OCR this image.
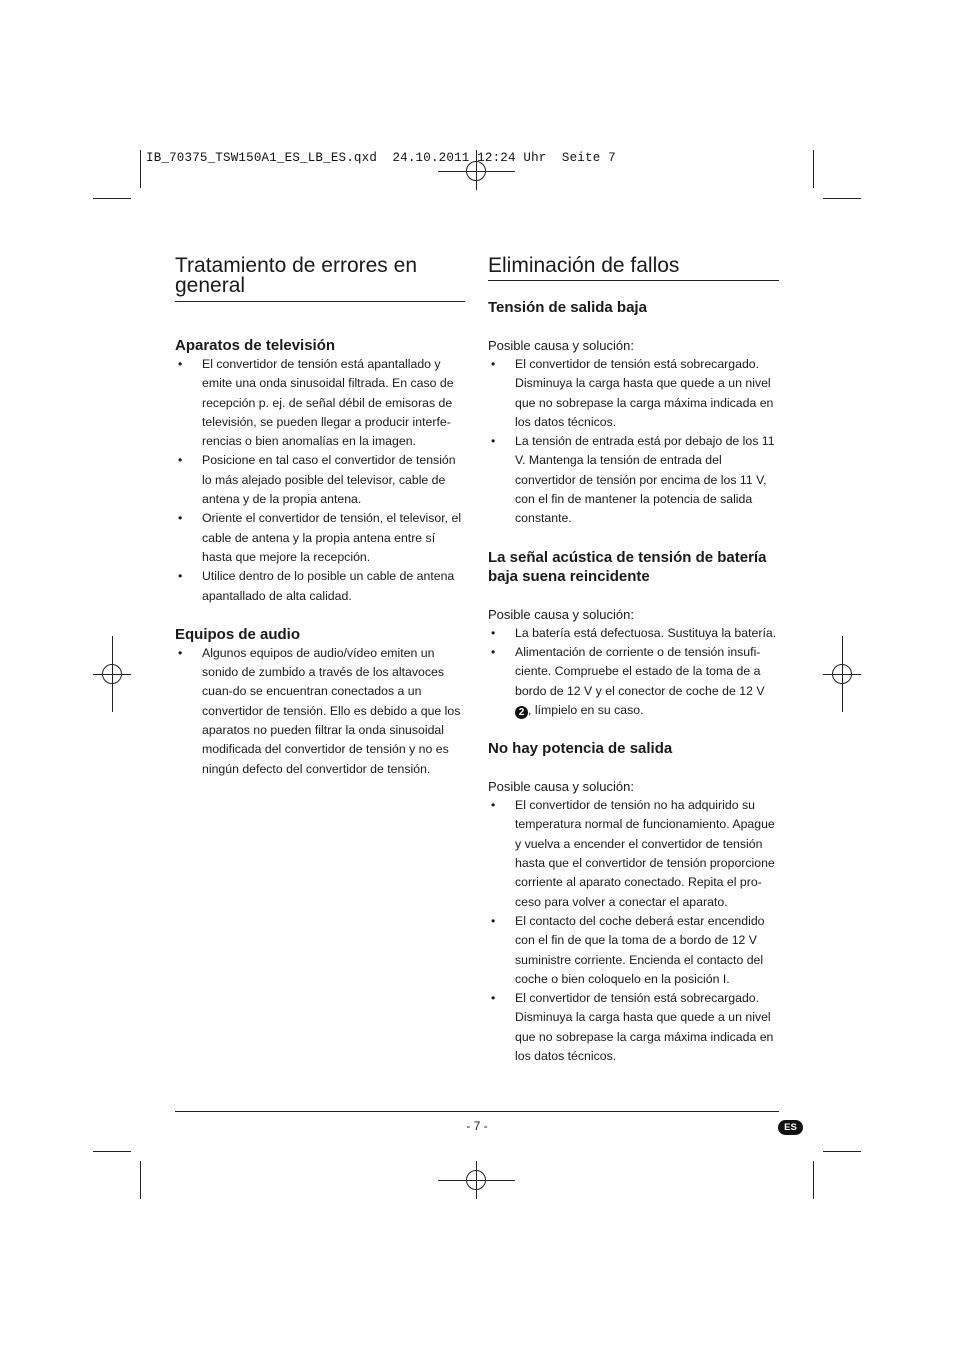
IB_70375_TSW150A1_ES_LB_ES.qxd 24.10.2011 12:24 Uhr Seite 7
Tratamiento de errores en general
Aparatos de televisión
• El convertidor de tensión está apantallado y emite una onda sinusoidal filtrada. En caso de recepción p. ej. de señal débil de emisoras de televisión, se pueden llegar a producir interfe-rencias o bien anomalías en la imagen.
• Posicione en tal caso el convertidor de tensión lo más alejado posible del televisor, cable de antena y de la propia antena.
• Oriente el convertidor de tensión, el televisor, el cable de antena y la propia antena entre sí hasta que mejore la recepción.
• Utilice dentro de lo posible un cable de antena apantallado de alta calidad.
Equipos de audio
• Algunos equipos de audio/vídeo emiten un sonido de zumbido a través de los altavoces cuan-do se encuentran conectados a un convertidor de tensión. Ello es debido a que los aparatos no pueden filtrar la onda sinusoidal modificada del convertidor de tensión y no es ningún defecto del convertidor de tensión.
Eliminación de fallos
Tensión de salida baja

Posible causa y solución:

• El convertidor de tensión está sobrecargado. Disminuya la carga hasta que quede a un nivel que no sobrepase la carga máxima indicada en los datos técnicos.
• La tensión de entrada está por debajo de los 11 V. Mantenga la tensión de entrada del convertidor de tensión por encima de los 11 V, con el fin de mantener la potencia de salida constante.
La señal acústica de tensión de batería baja suena reincidente

Posible causa y solución:

• La batería está defectuosa. Sustituya la batería.
• Alimentación de corriente o de tensión insufi-ciente. Compruebe el estado de la toma de a bordo de 12 V y el conector de coche de 12 V 2 , límpielo en su caso.
No hay potencia de salida

Posible causa y solución:

• El convertidor de tensión no ha adquirido su temperatura normal de funcionamiento. Apague y vuelva a encender el convertidor de tensión hasta que el convertidor de tensión proporcione corriente al aparato conectado. Repita el pro-ceso para volver a conectar el aparato.
• El contacto del coche deberá estar encendido con el fin de que la toma de a bordo de 12 V suministre corriente. Encienda el contacto del coche o bien coloquelo en la posición I.
• El convertidor de tensión está sobrecargado. Disminuya la carga hasta que quede a un nivel que no sobrepase la carga máxima indicada en los datos técnicos.
- 7 -	ES
